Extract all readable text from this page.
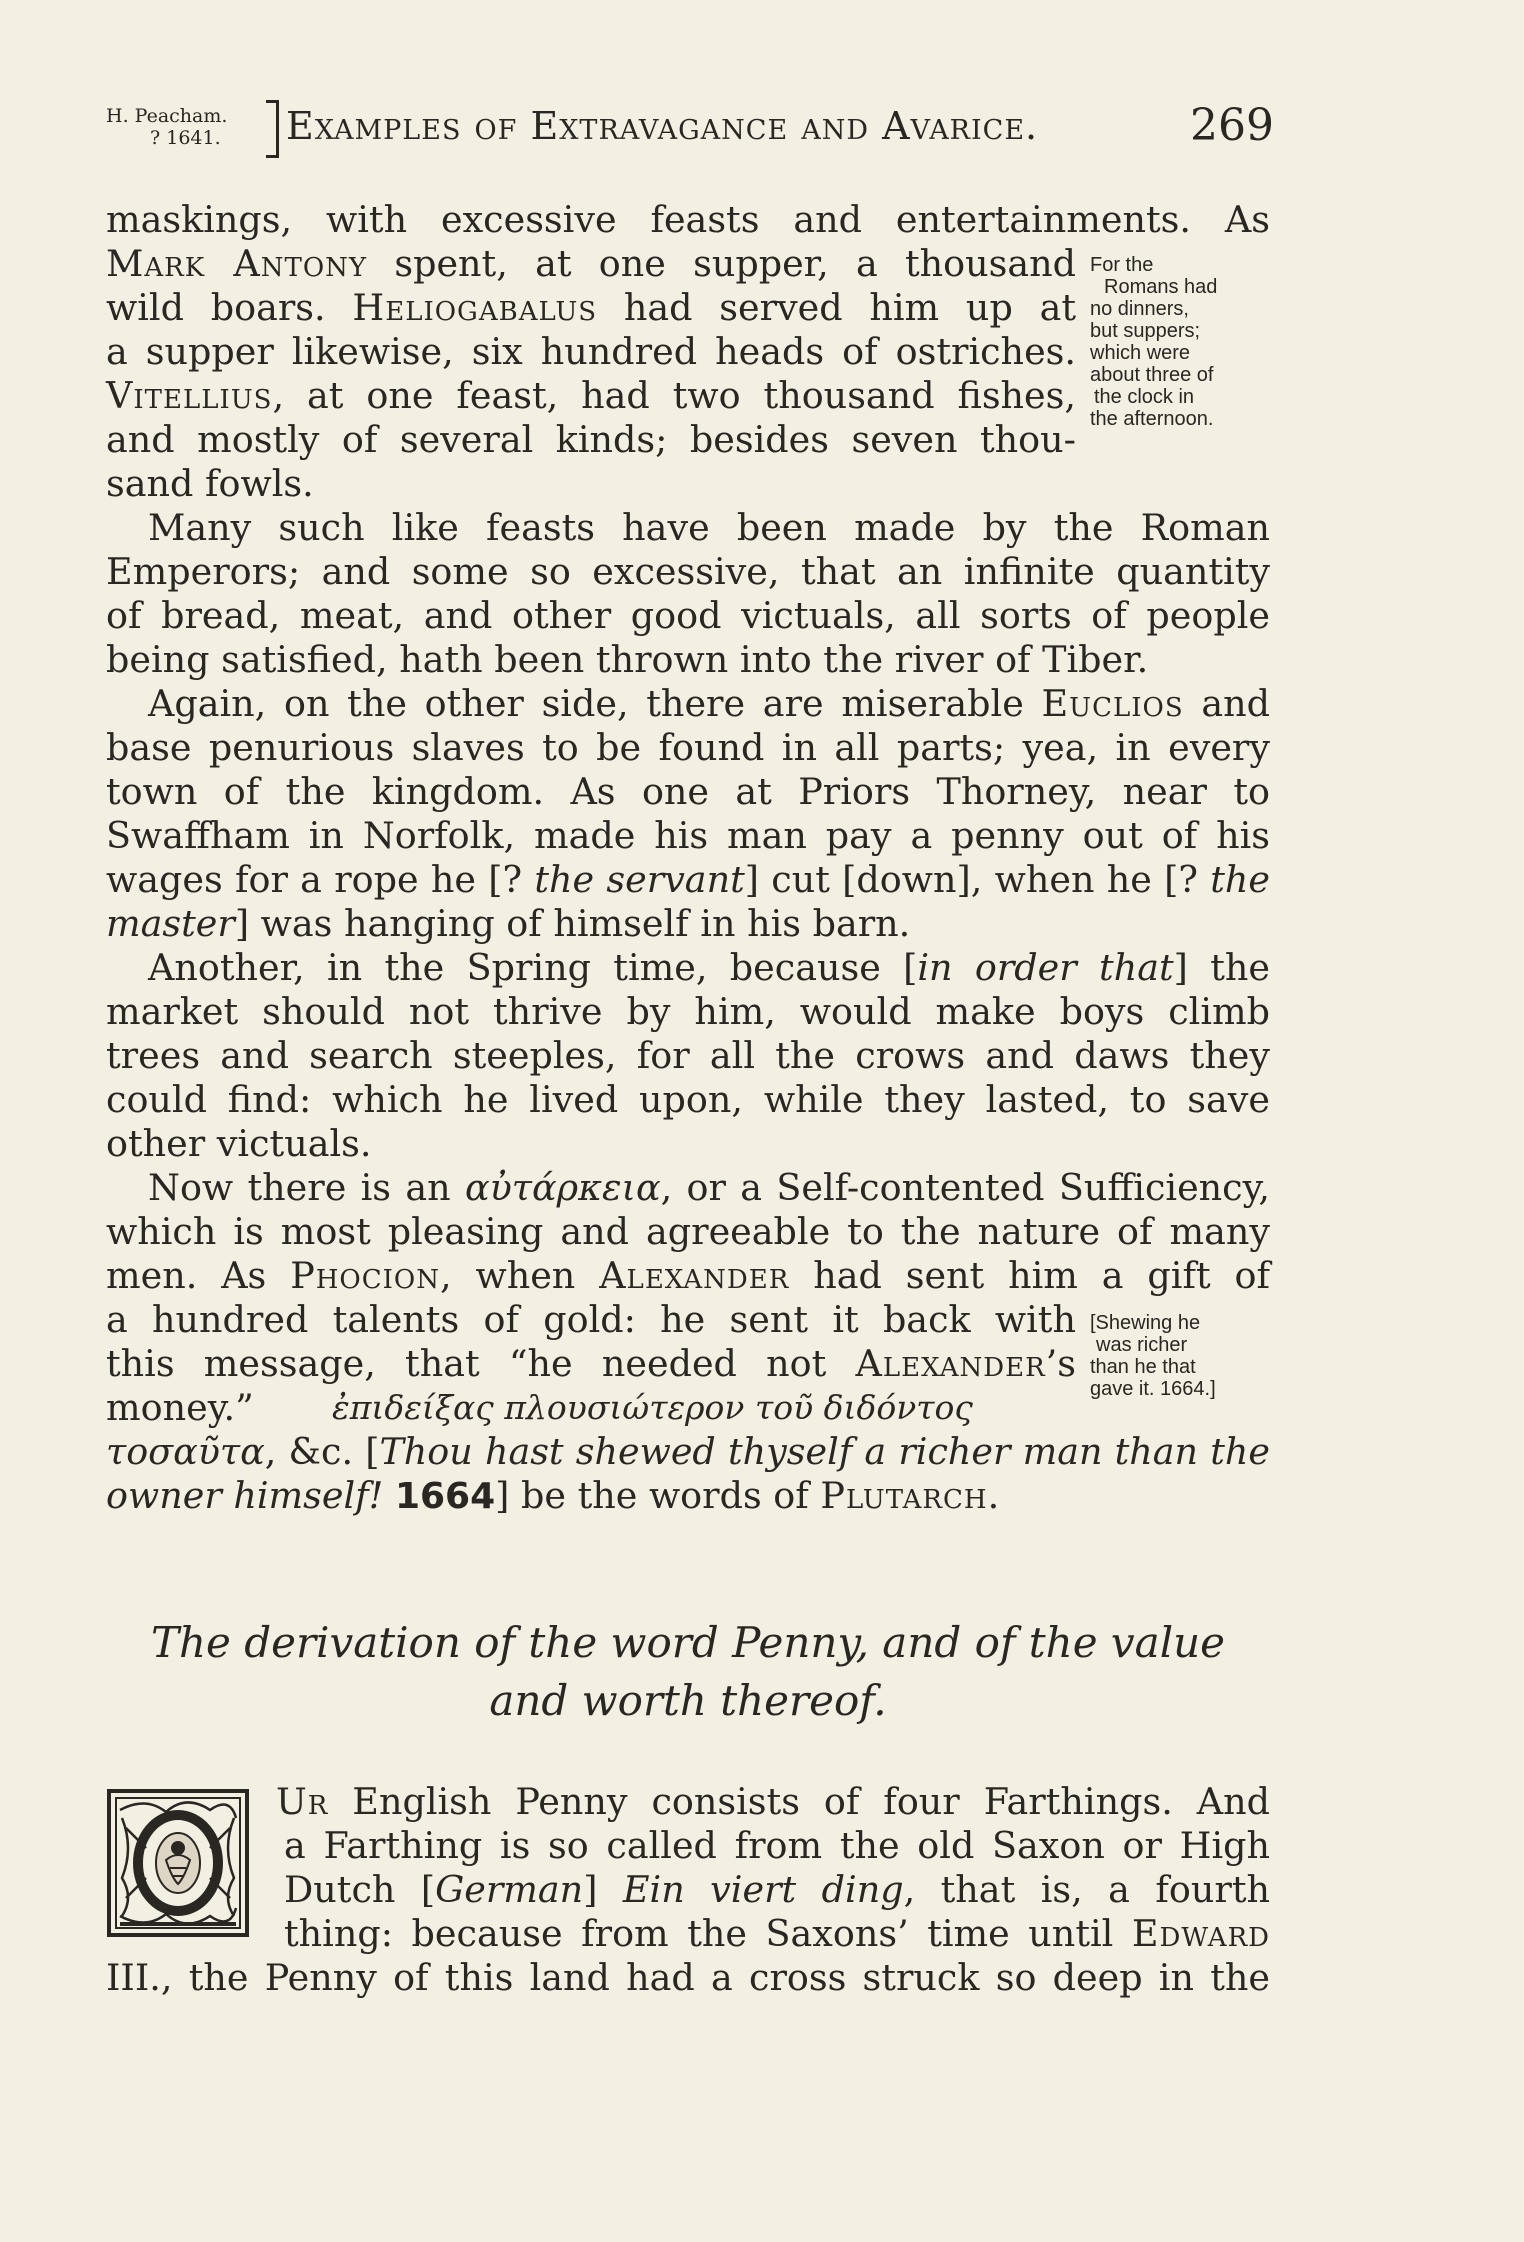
H. Peacham.
? 1641. Examples of Extravagance and Avarice.	269
maskings, with excessive feasts and entertainments. As
Mark Antony spent, at one supper, a thousand
wild boars. Heliogabalus had served him up at
a supper likewise, six hundred heads of ostriches.
Vitellius, at one feast, had two thousand fishes,
and mostly of several kinds; besides seven thou-
sand fowls.
For the
Romans had
no dinners,
but suppers;
which were
about three of
the clock in
the afternoon.
Many such like feasts have been made by the Roman
Emperors; and some so excessive, that an infinite quantity
of bread, meat, and other good victuals, all sorts of people
being satisfied, hath been thrown into the river of Tiber.
Again, on the other side, there are miserable Euclios and
base penurious slaves to be found in all parts; yea, in every
town of the kingdom. As one at Priors Thorney, near to
Swaffham in Norfolk, made his man pay a penny out of his
wages for a rope he [? the servant] cut [down], when he [? the
master] was hanging of himself in his barn.
Another, in the Spring time, because [in order that] the
market should not thrive by him, would make boys climb
trees and search steeples, for all the crows and daws they
could find: which he lived upon, while they lasted, to save
other victuals.
Now there is an αὐτάρκεια, or a Self-contented Sufficiency,
which is most pleasing and agreeable to the nature of many
men. As Phocion, when Alexander had sent him a gift of
a hundred talents of gold: he sent it back with
this message, that “he needed not Alexander’s
money.” ἐπιδείξας πλουσιώτερον τοῦ διδόντος
τοσαῦτα, &c. [Thou hast shewed thyself a richer man than the
owner himself! 1664] be the words of Plutarch.
[Shewing he
was richer
than he that
gave it. 1664.]
The derivation of the word Penny, and of the value
and worth thereof.
Ur English Penny consists of four Farthings. And
a Farthing is so called from the old Saxon or High
Dutch [German] Ein viert ding, that is, a fourth
thing: because from the Saxons’ time until Edward
III., the Penny of this land had a cross struck so deep in the
